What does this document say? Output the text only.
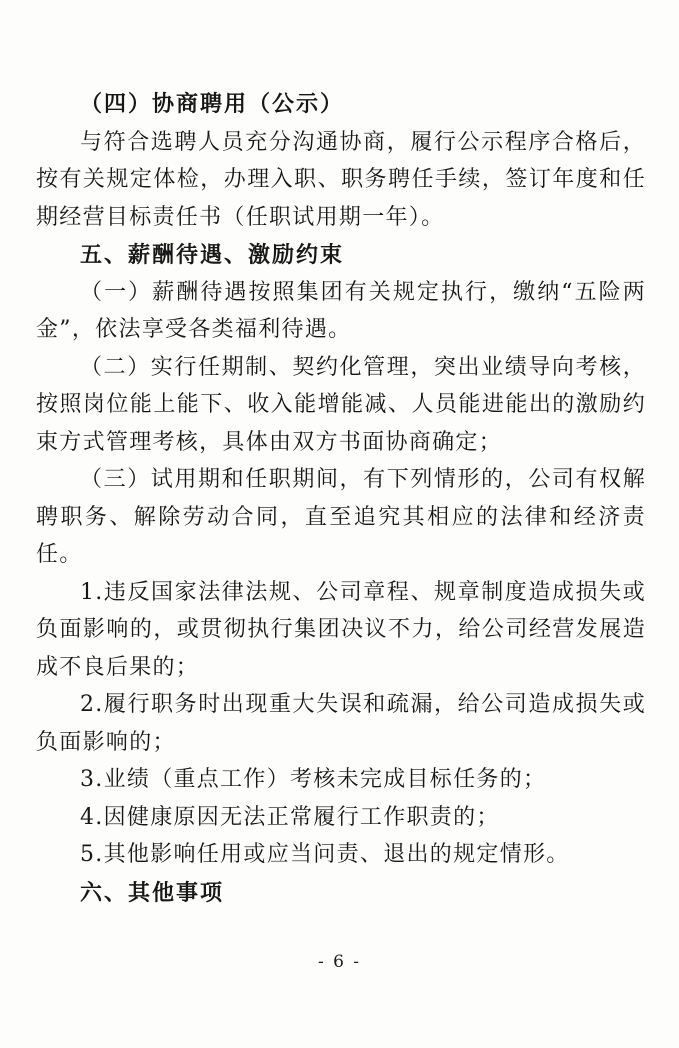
（四）协商聘用（公示）

与符合选聘人员充分沟通协商，履行公示程序合格后，按有关规定体检，办理入职、职务聘任手续，签订年度和任期经营目标责任书（任职试用期一年）。

五、薪酬待遇、激励约束

（一）薪酬待遇按照集团有关规定执行，缴纳“五险两金”，依法享受各类福利待遇。

（二）实行任期制、契约化管理，突出业绩导向考核，按照岗位能上能下、收入能增能减、人员能进能出的激励约束方式管理考核，具体由双方书面协商确定；

（三）试用期和任职期间，有下列情形的，公司有权解聘职务、解除劳动合同，直至追究其相应的法律和经济责任。

1.违反国家法律法规、公司章程、规章制度造成损失或负面影响的，或贯彻执行集团决议不力，给公司经营发展造成不良后果的；

2.履行职务时出现重大失误和疏漏，给公司造成损失或负面影响的；

3.业绩（重点工作）考核未完成目标任务的；

4.因健康原因无法正常履行工作职责的；

5.其他影响任用或应当问责、退出的规定情形。

六、其他事项

- 6 -
